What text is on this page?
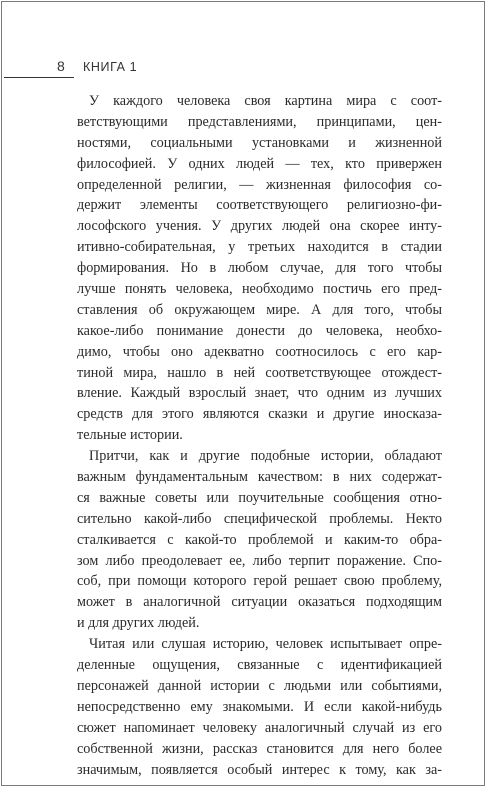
8 КНИГА 1
У каждого человека своя картина мира с соот-
ветствующими представлениями, принципами, цен-
ностями, социальными установками и жизненной
философией. У одних людей — тех, кто привержен
определенной религии, — жизненная философия со-
держит элементы соответствующего религиозно-фи-
лософского учения. У других людей она скорее инту-
итивно-собирательная, у третьих находится в стадии
формирования. Но в любом случае, для того чтобы
лучше понять человека, необходимо постичь его пред-
ставления об окружающем мире. А для того, чтобы
какое-либо понимание донести до человека, необхо-
димо, чтобы оно адекватно соотносилось с его кар-
тиной мира, нашло в ней соответствующее отождест-
вление. Каждый взрослый знает, что одним из лучших
средств для этого являются сказки и другие иносказа-
тельные истории.
Притчи, как и другие подобные истории, обладают
важным фундаментальным качеством: в них содержат-
ся важные советы или поучительные сообщения отно-
сительно какой-либо специфической проблемы. Некто
сталкивается с какой-то проблемой и каким-то обра-
зом либо преодолевает ее, либо терпит поражение. Спо-
соб, при помощи которого герой решает свою проблему,
может в аналогичной ситуации оказаться подходящим
и для других людей.
Читая или слушая историю, человек испытывает опре-
деленные ощущения, связанные с идентификацией
персонажей данной истории с людьми или событиями,
непосредственно ему знакомыми. И если какой-нибудь
сюжет напоминает человеку аналогичный случай из его
собственной жизни, рассказ становится для него более
значимым, появляется особый интерес к тому, как за-
